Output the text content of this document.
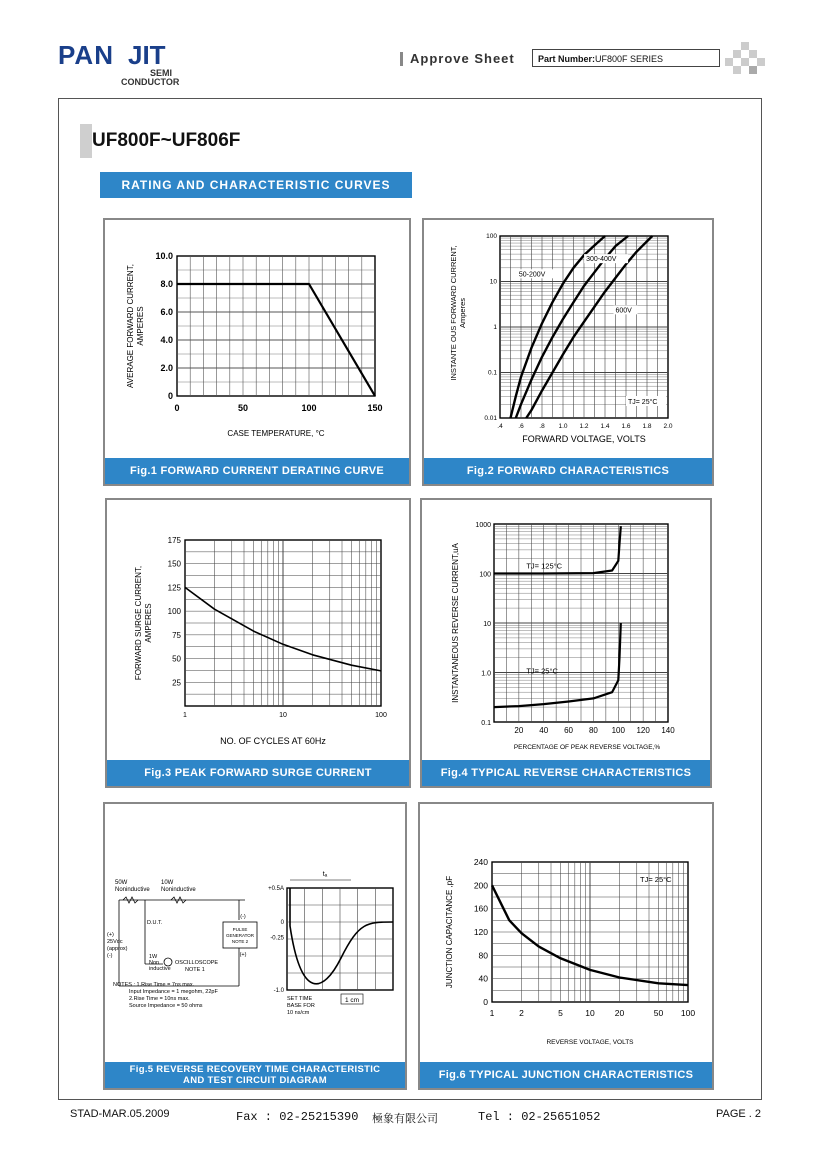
PAN JIT
SEMI
CONDUCTOR
Approve Sheet	Part Number:UF800F SERIES
UF800F~UF806F
RATING AND CHARACTERISTIC CURVES
0	50	100	150
0
2.0
4.0
6.0
8.0
10.0
CASE TEMPERATURE, °C
AVERAGE FORWARD CURRENT, AMPERES
Fig.1 FORWARD CURRENT DERATING CURVE
.4 .6 .8 1.0 1.2 1.4 1.6 1.8 2.0
0.01
0.1
1
10
100
50-200V
300-400V
600V
TJ= 25°C
FORWARD VOLTAGE, VOLTS
INSTANTE OUS FORWARD CURRENT, Amperes
Fig.2 FORWARD CHARACTERISTICS
1	10	100
25
50
75
100
125
150
175
NO. OF CYCLES AT 60Hz
FORWARD SURGE CURRENT, AMPERES
Fig.3 PEAK FORWARD SURGE CURRENT
20 40 60 80 100 120 140
0.1
1.0
10
100
1000
TJ= 125°C
TJ= 25°C
PERCENTAGE OF PEAK REVERSE VOLTAGE,%
INSTANTANEOUS REVERSE CURRENT,uA
Fig.4 TYPICAL REVERSE CHARACTERISTICS
50W
Noninductive
10W
Noninductive
D.U.T.
(+)
25Vdc
(approx)
(-)	1W
Non
inductive
OSCILLOSCOPE
NOTE 1
(-)
PULSE
GENERATOR
NOTE 2
(+)
NOTES : 1.Rise Time = 7ns max.
Input Impedance = 1 megohm, 22pF
2.Rise Time = 10ns max.
Source Impedance = 50 ohms
+0.5A
0
-0.25
-1.0
tₐ
1 cm
SET TIME
BASE FOR
10 ns/cm
Fig.5 REVERSE RECOVERY TIME CHARACTERISTIC
AND TEST CIRCUIT DIAGRAM
1	2	5	10 20	50 100
0
40
80
120
160
200
240
TJ= 25°C
REVERSE VOLTAGE, VOLTS
JUNCTION CAPACITANCE ,pF
Fig.6 TYPICAL JUNCTION CHARACTERISTICS
STAD-MAR.05.2009	Fax : 02-25215390 極象有限公司	Tel : 02-25651052	PAGE . 2
